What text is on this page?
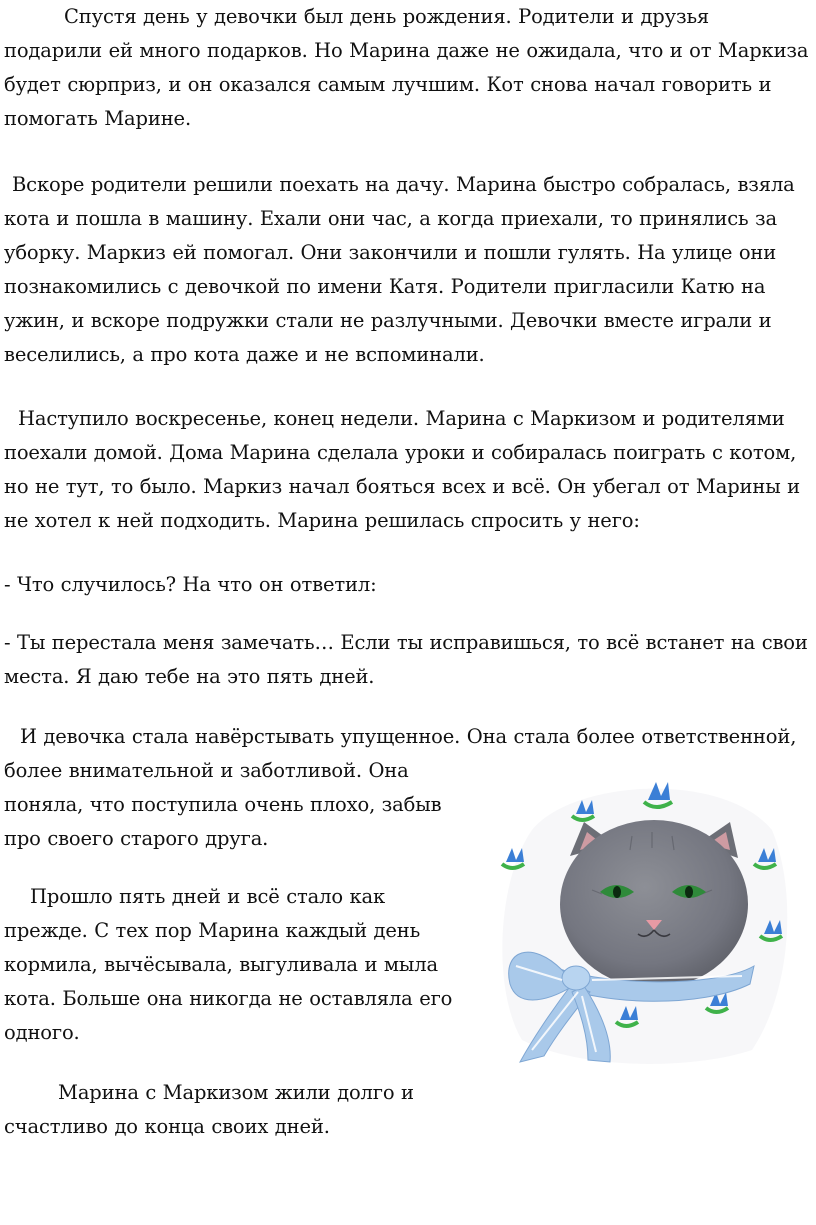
Спустя день у девочки был день рождения. Родители и друзья подарили ей много подарков. Но Марина даже не ожидала, что и от Маркиза будет сюрприз, и он оказался самым лучшим. Кот снова начал говорить и помогать Марине.

Вскоре родители решили поехать на дачу. Марина быстро собралась, взяла кота и пошла в машину. Ехали они час, а когда приехали, то принялись за уборку. Маркиз ей помогал. Они закончили и пошли гулять. На улице они познакомились с девочкой по имени Катя. Родители пригласили Катю на ужин, и вскоре подружки стали не разлучными. Девочки вместе играли и веселились, а про кота даже и не вспоминали.

Наступило воскресенье, конец недели. Марина с Маркизом и родителями поехали домой. Дома Марина сделала уроки и собиралась поиграть с котом, но не тут, то было. Маркиз начал бояться всех и всё. Он убегал от Марины и не хотел к ней подходить. Марина решилась спросить у него:

- Что случилось? На что он ответил:

- Ты перестала меня замечать… Если ты исправишься, то всё встанет на свои места. Я даю тебе на это пять дней.

И девочка стала навёрстывать упущенное. Она стала более ответственной,

более внимательной и заботливой. Она поняла, что поступила очень плохо, забыв про своего старого друга.

Прошло пять дней и всё стало как прежде. С тех пор Марина каждый день кормила, вычёсывала, выгуливала и мыла кота. Больше она никогда не оставляла его одного.

Марина с Маркизом жили долго и счастливо до конца своих дней.
